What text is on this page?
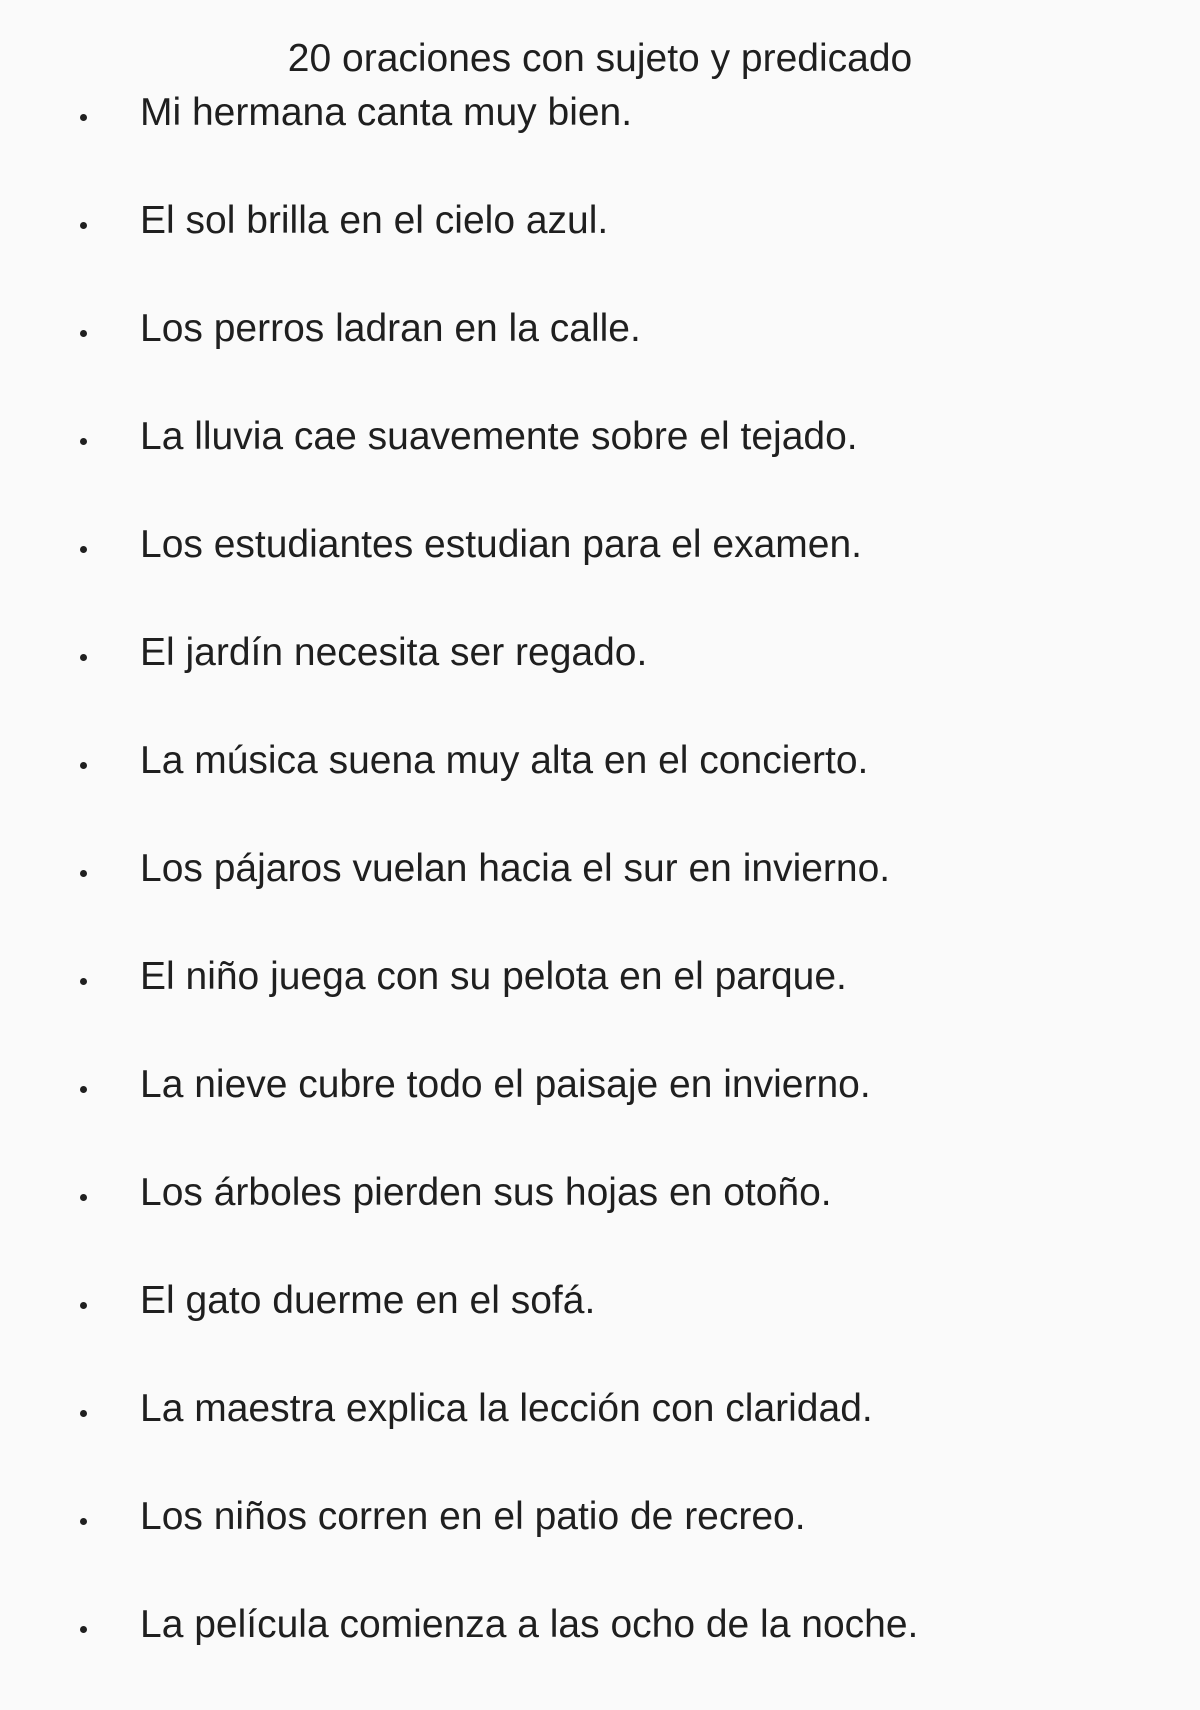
20 oraciones con sujeto y predicado
Mi hermana canta muy bien.
El sol brilla en el cielo azul.
Los perros ladran en la calle.
La lluvia cae suavemente sobre el tejado.
Los estudiantes estudian para el examen.
El jardín necesita ser regado.
La música suena muy alta en el concierto.
Los pájaros vuelan hacia el sur en invierno.
El niño juega con su pelota en el parque.
La nieve cubre todo el paisaje en invierno.
Los árboles pierden sus hojas en otoño.
El gato duerme en el sofá.
La maestra explica la lección con claridad.
Los niños corren en el patio de recreo.
La película comienza a las ocho de la noche.
